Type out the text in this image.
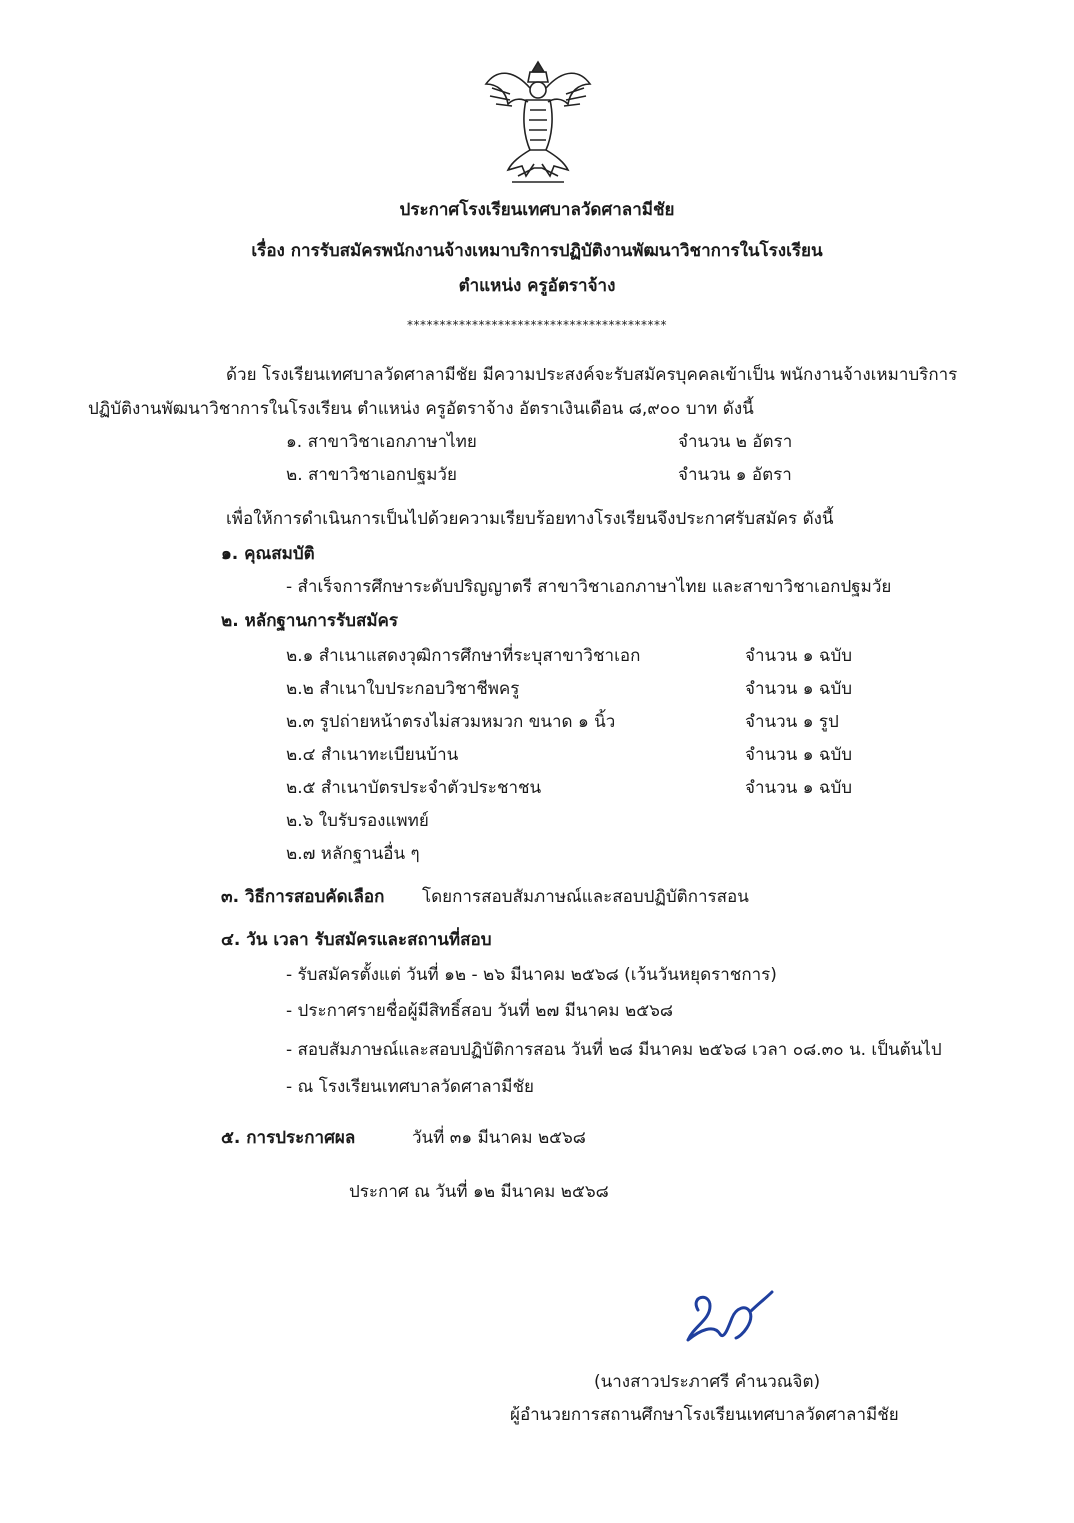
ประกาศโรงเรียนเทศบาลวัดศาลามีชัย
เรื่อง การรับสมัครพนักงานจ้างเหมาบริการปฏิบัติงานพัฒนาวิชาการในโรงเรียน
ตำแหน่ง ครูอัตราจ้าง
****************************************
ด้วย โรงเรียนเทศบาลวัดศาลามีชัย มีความประสงค์จะรับสมัครบุคคลเข้าเป็น พนักงานจ้างเหมาบริการ
ปฏิบัติงานพัฒนาวิชาการในโรงเรียน ตำแหน่ง ครูอัตราจ้าง อัตราเงินเดือน ๘,๙๐๐ บาท ดังนี้
๑. สาขาวิชาเอกภาษาไทย	จำนวน ๒ อัตรา
๒. สาขาวิชาเอกปฐมวัย	จำนวน ๑ อัตรา
เพื่อให้การดำเนินการเป็นไปด้วยความเรียบร้อยทางโรงเรียนจึงประกาศรับสมัคร ดังนี้
๑. คุณสมบัติ
- สำเร็จการศึกษาระดับปริญญาตรี สาขาวิชาเอกภาษาไทย และสาขาวิชาเอกปฐมวัย
๒. หลักฐานการรับสมัคร
๒.๑ สำเนาแสดงวุฒิการศึกษาที่ระบุสาขาวิชาเอก	จำนวน ๑ ฉบับ
๒.๒ สำเนาใบประกอบวิชาชีพครู	จำนวน ๑ ฉบับ
๒.๓ รูปถ่ายหน้าตรงไม่สวมหมวก ขนาด ๑ นิ้ว	จำนวน ๑ รูป
๒.๔ สำเนาทะเบียนบ้าน	จำนวน ๑ ฉบับ
๒.๕ สำเนาบัตรประจำตัวประชาชน	จำนวน ๑ ฉบับ
๒.๖ ใบรับรองแพทย์
๒.๗ หลักฐานอื่น ๆ
๓. วิธีการสอบคัดเลือก โดยการสอบสัมภาษณ์และสอบปฏิบัติการสอน
๔. วัน เวลา รับสมัครและสถานที่สอบ
- รับสมัครตั้งแต่ วันที่ ๑๒ - ๒๖ มีนาคม ๒๕๖๘ (เว้นวันหยุดราชการ)
- ประกาศรายชื่อผู้มีสิทธิ์สอบ วันที่ ๒๗ มีนาคม ๒๕๖๘
- สอบสัมภาษณ์และสอบปฏิบัติการสอน วันที่ ๒๘ มีนาคม ๒๕๖๘ เวลา ๐๘.๓๐ น. เป็นต้นไป
- ณ โรงเรียนเทศบาลวัดศาลามีชัย
๕. การประกาศผล	วันที่ ๓๑ มีนาคม ๒๕๖๘
ประกาศ ณ วันที่ ๑๒ มีนาคม ๒๕๖๘
(นางสาวประภาศรี คำนวณจิต)
ผู้อำนวยการสถานศึกษาโรงเรียนเทศบาลวัดศาลามีชัย
